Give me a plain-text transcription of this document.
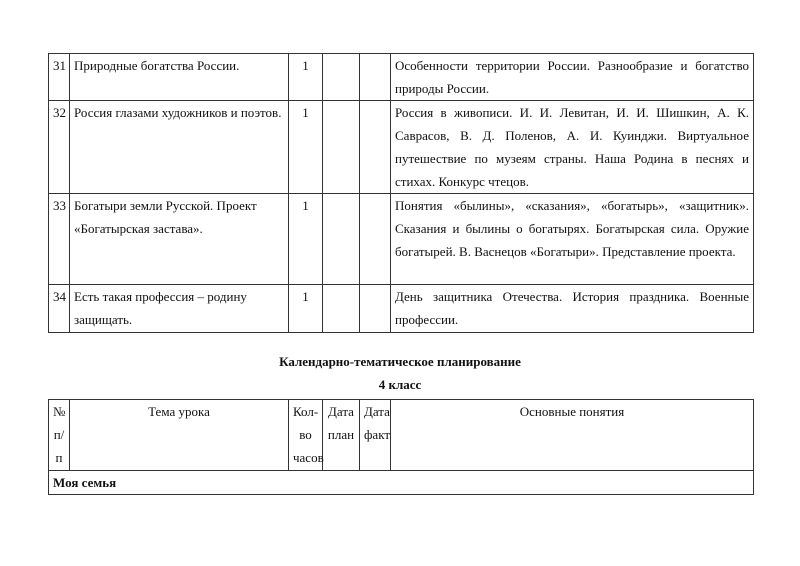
31	Природные богатства России.	1			Особенности территории России. Разнообразие и богатство природы России.
32	Россия глазами художников и поэтов.	1			Россия в живописи. И. И. Левитан, И. И. Шишкин, А. К. Саврасов, В. Д. Поленов, А. И. Куинджи. Виртуальное путешествие по музеям страны. Наша Родина в песнях и стихах. Конкурс чтецов.
33	Богатыри земли Русской. Проект «Богатырская застава».	1			Понятия «былины», «сказания», «богатырь», «защитник». Сказания и былины о богатырях. Богатырская сила. Оружие богатырей. В. Васнецов «Богатыри». Представление проекта.
34	Есть такая профессия – родину защищать.	1			День защитника Отечества. История праздника. Военные профессии.
Календарно-тематическое планирование
4 класс
№ п/п	Тема урока	Кол-во часов	Дата план	Дата факт	Основные понятия
Моя семья
